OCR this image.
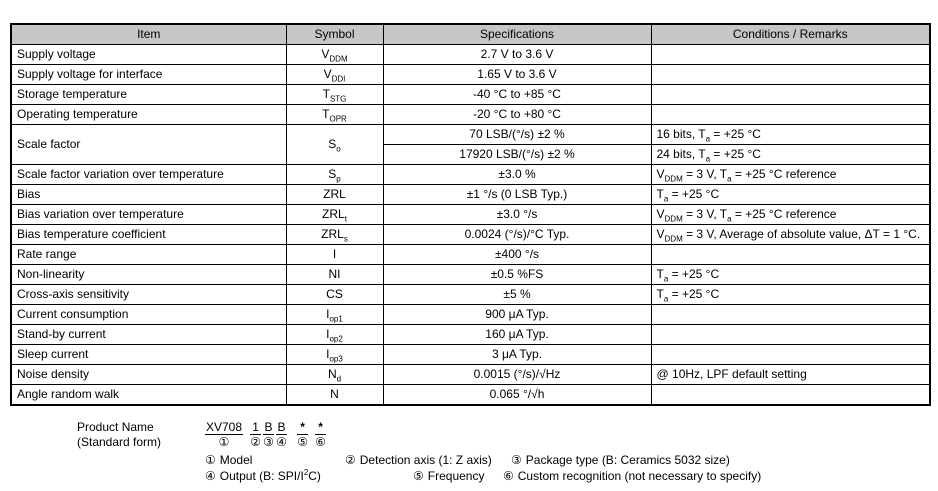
Item	Symbol	Specifications	Conditions / Remarks
Supply voltage	$V_{DDM}$	2.7 V to 3.6 V	
Supply voltage for interface	$V_{DDI}$	1.65 V to 3.6 V	
Storage temperature	$T_{STG}$	-40 °C to +85 °C	
Operating temperature	$T_{OPR}$	-20 °C to +80 °C	
Scale factor	$S_o$	70 LSB/(°/s) ±2 %	16 bits, $T_a = +25$ °C
		17920 LSB/(°/s) ±2 %	24 bits, $T_a = +25$ °C
Scale factor variation over temperature	$S_p$	±3.0 %	$V_{DDM} = 3$ V, $T_a = +25$ °C reference
Bias	ZRL	±1 °/s (0 LSB Typ.)	$T_a = +25$ °C
Bias variation over temperature	$ZRL_t$	±3.0 °/s	$V_{DDM} = 3$ V, $T_a = +25$ °C reference
Bias temperature coefficient	$ZRL_s$	0.0024 (°/s)/°C Typ.	$V_{DDM} = 3$ V, Average of absolute value, ΔT = 1 °C.
Rate range	I	±400 °/s	
Non-linearity	NI	±0.5 %FS	$T_a = +25$ °C
Cross-axis sensitivity	CS	±5 %	$T_a = +25$ °C
Current consumption	$I_{op1}$	900 μA Typ.	
Stand-by current	$I_{op2}$	160 μA Typ.	
Sleep current	$I_{op3}$	3 μA Typ.	
Noise density	$N_d$	0.0015 (°/s)/√Hz	@ 10Hz, LPF default setting
Angle random walk	N	0.065 °/√h	
Product Name
(Standard form)
XV708
①
1
②
B
③
B
④
*
⑤
*
⑥
① Model	② Detection axis (1: Z axis)	③ Package type (B: Ceramics 5032 size)
④ Output (B: SPI/$I^2C$)	⑤ Frequency	⑥ Custom recognition (not necessary to specify)
